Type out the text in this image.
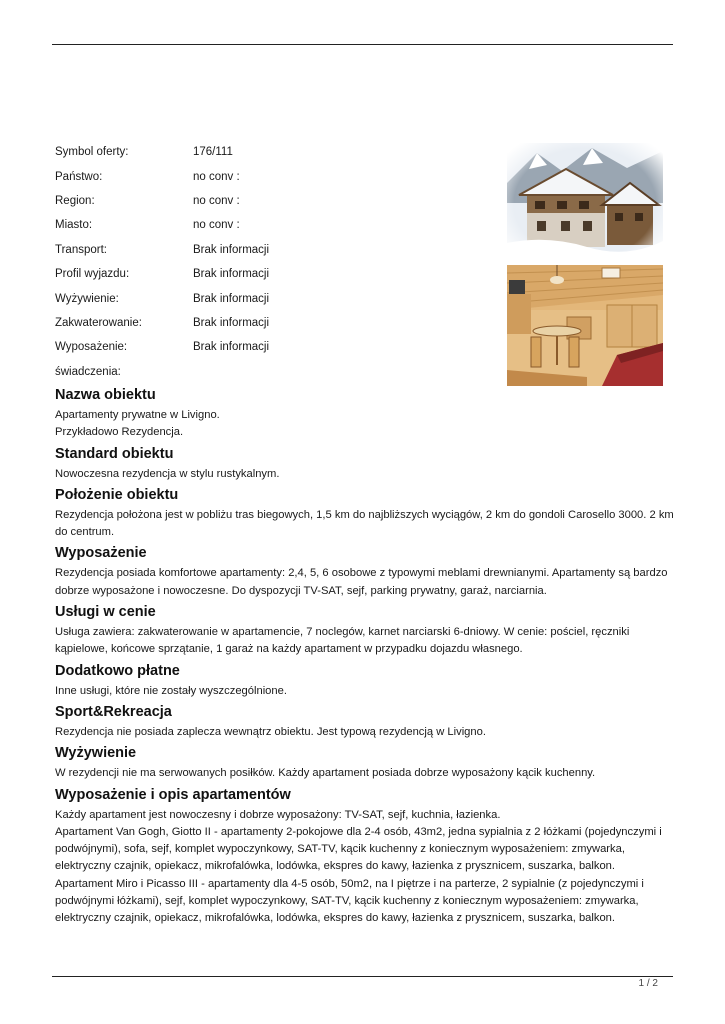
Symbol oferty:	176/111
Państwo:	no conv :
Region:	no conv :
Miasto:	no conv :
Transport:	Brak informacji
Profil wyjazdu:	Brak informacji
Wyżywienie:	Brak informacji
Zakwaterowanie:	Brak informacji
Wyposażenie:	Brak informacji
świadczenia:
Nazwa obiektu

Apartamenty prywatne w Livigno.

Przykładowo Rezydencja.

Standard obiektu

Nowoczesna rezydencja w stylu rustykalnym.

Położenie obiektu

Rezydencja położona jest w pobliżu tras biegowych, 1,5 km do najbliższych wyciągów, 2 km do gondoli Carosello 3000. 2 km do centrum.

Wyposażenie

Rezydencja posiada komfortowe apartamenty: 2,4, 5, 6 osobowe z typowymi meblami drewnianymi. Apartamenty są bardzo dobrze wyposażone i nowoczesne. Do dyspozycji TV-SAT, sejf, parking prywatny, garaż, narciarnia.

Usługi w cenie

Usługa zawiera: zakwaterowanie w apartamencie, 7 noclegów, karnet narciarski 6-dniowy. W cenie: pościel, ręczniki kąpielowe, końcowe sprzątanie, 1 garaż na każdy apartament w przypadku dojazdu własnego.

Dodatkowo płatne

Inne usługi, które nie zostały wyszczególnione.

Sport&Rekreacja

Rezydencja nie posiada zaplecza wewnątrz obiektu. Jest typową rezydencją w Livigno.

Wyżywienie

W rezydencji nie ma serwowanych posiłków. Każdy apartament posiada dobrze wyposażony kącik kuchenny.

Wyposażenie i opis apartamentów

Każdy apartament jest nowoczesny i dobrze wyposażony: TV-SAT, sejf, kuchnia, łazienka.

Apartament Van Gogh, Giotto II - apartamenty 2-pokojowe dla 2-4 osób, 43m2, jedna sypialnia z 2 łóżkami (pojedynczymi i podwójnymi), sofa, sejf, komplet wypoczynkowy, SAT-TV, kącik kuchenny z koniecznym wyposażeniem: zmywarka, elektryczny czajnik, opiekacz, mikrofalówka, lodówka, ekspres do kawy, łazienka z prysznicem, suszarka, balkon.

Apartament Miro i Picasso III - apartamenty dla 4-5 osób, 50m2, na I piętrze i na parterze, 2 sypialnie (z pojedynczymi i podwójnymi łóżkami), sejf, komplet wypoczynkowy, SAT-TV, kącik kuchenny z koniecznym wyposażeniem: zmywarka, elektryczny czajnik, opiekacz, mikrofalówka, lodówka, ekspres do kawy, łazienka z prysznicem, suszarka, balkon.

1 / 2
